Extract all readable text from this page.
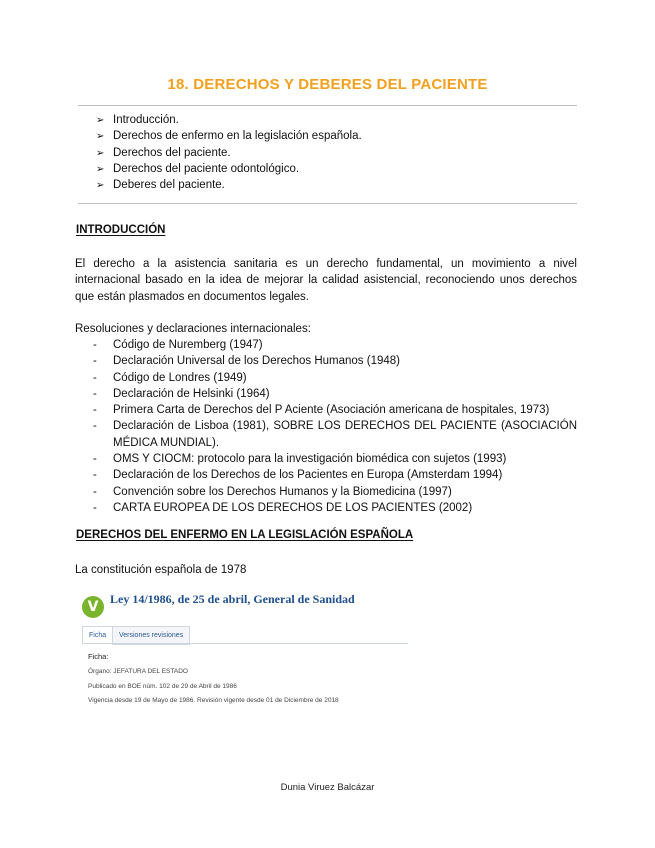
18. DERECHOS Y DEBERES DEL PACIENTE
➢ Introducción.
➢ Derechos de enfermo en la legislación española.
➢ Derechos del paciente.
➢ Derechos del paciente odontológico.
➢ Deberes del paciente.
INTRODUCCIÓN

El derecho a la asistencia sanitaria es un derecho fundamental, un movimiento a nivel internacional basado en la idea de mejorar la calidad asistencial, reconociendo unos derechos que están plasmados en documentos legales.

Resoluciones y declaraciones internacionales:

-	Código de Nuremberg (1947)
-	Declaración Universal de los Derechos Humanos (1948)
-	Código de Londres (1949)
-	Declaración de Helsinki (1964)
-	Primera Carta de Derechos del P Aciente (Asociación americana de hospitales, 1973)
-	Declaración de Lisboa (1981), SOBRE LOS DERECHOS DEL PACIENTE (ASOCIACIÓN MÉDICA MUNDIAL).
-	OMS Y CIOCM: protocolo para la investigación biomédica con sujetos (1993)
-	Declaración de los Derechos de los Pacientes en Europa (Amsterdam 1994)
-	Convención sobre los Derechos Humanos y la Biomedicina (1997)
-	CARTA EUROPEA DE LOS DERECHOS DE LOS PACIENTES (2002)
DERECHOS DEL ENFERMO EN LA LEGISLACIÓN ESPAÑOLA

La constitución española de 1978

V Ley 14/1986, de 25 de abril, General de Sanidad
Ficha	Versiones revisiones
Ficha:
Órgano: JEFATURA DEL ESTADO
Publicado en BOE núm. 102 de 29 de Abril de 1986
Vigencia desde 19 de Mayo de 1986. Revisión vigente desde 01 de Diciembre de 2018
Dunia Viruez Balcázar
